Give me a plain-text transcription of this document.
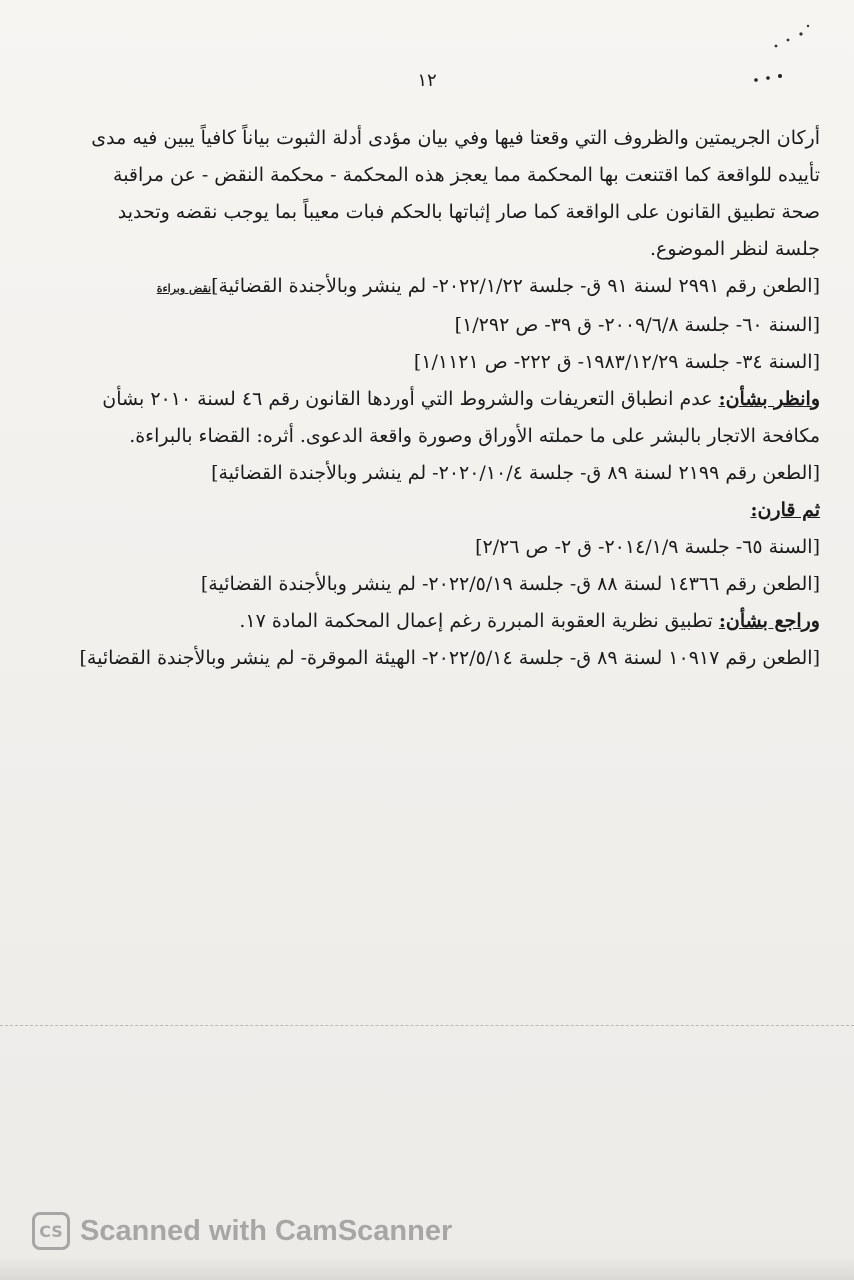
١٢

أركان الجريمتين والظروف التي وقعتا فيها وفي بيان مؤدى أدلة الثبوت بياناً كافياً يبين فيه مدى تأييده للواقعة كما اقتنعت بها المحكمة مما يعجز هذه المحكمة - محكمة النقض - عن مراقبة صحة تطبيق القانون على الواقعة كما صار إثباتها بالحكم فبات معيباً بما يوجب نقضه وتحديد جلسة لنظر الموضوع.

[الطعن رقم ٢٩٩١ لسنة ٩١ ق- جلسة ٢٠٢٢/١/٢٢- لم ينشر وبالأجندة القضائية]نقض وبراءة
[السنة ٦٠- جلسة ٢٠٠٩/٦/٨- ق ٣٩- ص ١/٢٩٢]
[السنة ٣٤- جلسة ١٩٨٣/١٢/٢٩- ق ٢٢٢- ص ١/١١٢١]

وانظر بشأن: عدم انطباق التعريفات والشروط التي أوردها القانون رقم ٤٦ لسنة ٢٠١٠ بشأن مكافحة الاتجار بالبشر على ما حملته الأوراق وصورة واقعة الدعوى. أثره: القضاء بالبراءة.

[الطعن رقم ٢١٩٩ لسنة ٨٩ ق- جلسة ٢٠٢٠/١٠/٤- لم ينشر وبالأجندة القضائية]

ثم قارن:

[السنة ٦٥- جلسة ٢٠١٤/١/٩- ق ٢- ص ٢/٢٦]
[الطعن رقم ١٤٣٦٦ لسنة ٨٨ ق- جلسة ٢٠٢٢/٥/١٩- لم ينشر وبالأجندة القضائية]

وراجع بشأن: تطبيق نظرية العقوبة المبررة رغم إعمال المحكمة المادة ١٧.

[الطعن رقم ١٠٩١٧ لسنة ٨٩ ق- جلسة ٢٠٢٢/٥/١٤- الهيئة الموقرة- لم ينشر وبالأجندة القضائية]
CS Scanned with CamScanner
